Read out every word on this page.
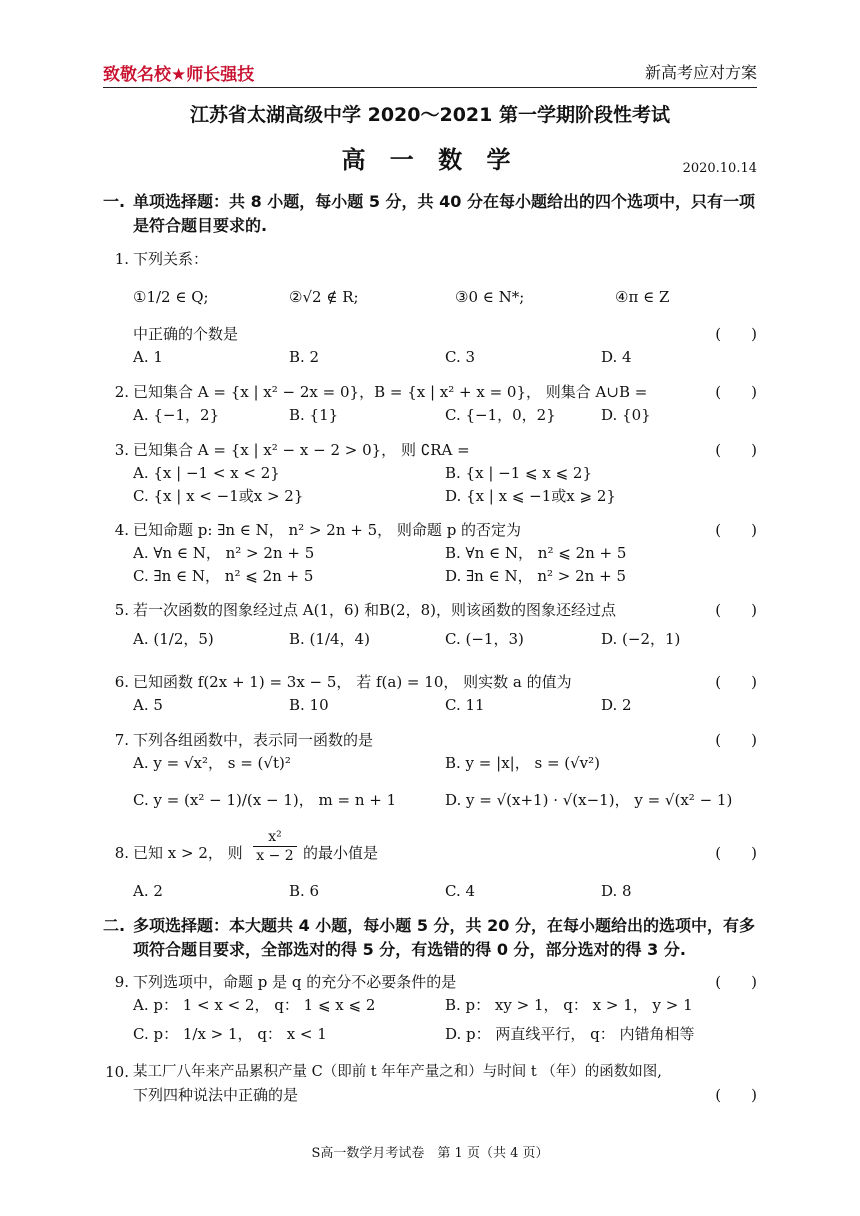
致敬名校★师长强技	新高考应对方案
江苏省太湖高级中学 2020～2021 第一学期阶段性考试
高 一 数 学	2020.10.14
一. 单项选择题：共 8 小题，每小题 5 分，共 40 分在每小题给出的四个选项中，只有一项是符合题目要求的.
1. 下列关系：
①1/2 ∈ Q;	②√2 ∉ R;	③0 ∈ N*;	④π ∈ Z
中正确的个数是	(　　)
A. 1	B. 2	C. 3	D. 4
2. 已知集合 A = {x | x² − 2x = 0}，B = {x | x² + x = 0}， 则集合 A∪B =	(　　)
A. {−1，2}	B. {1}	C. {−1，0，2}	D. {0}
3. 已知集合 A = {x | x² − x − 2 > 0}， 则 ∁RA =	(　　)
A. {x | −1 < x < 2}	B. {x | −1 ⩽ x ⩽ 2}
C. {x | x < −1或x > 2}	D. {x | x ⩽ −1或x ⩾ 2}
4. 已知命题 p: ∃n ∈ N， n² > 2n + 5， 则命题 p 的否定为	(　　)
A. ∀n ∈ N， n² > 2n + 5	B. ∀n ∈ N， n² ⩽ 2n + 5
C. ∃n ∈ N， n² ⩽ 2n + 5	D. ∃n ∈ N， n² > 2n + 5
5. 若一次函数的图象经过点 A(1，6) 和B(2，8)，则该函数的图象还经过点	(　　)
A. (1/2，5)	B. (1/4，4)	C. (−1，3)	D. (−2，1)
6. 已知函数 f(2x + 1) = 3x − 5， 若 f(a) = 10， 则实数 a 的值为	(　　)
A. 5	B. 10	C. 11	D. 2
7. 下列各组函数中，表示同一函数的是	(　　)
A. y = √x²， s = (√t)²	B. y = |x|， s = (√v²)
C. y = (x² − 1)/(x − 1)， m = n + 1	D. y = √(x+1) · √(x−1)， y = √(x² − 1)
8. 已知 x > 2， 则 $\frac{\text{x²}}{x - 2}$ 的最小值是	(　　)
A. 2	B. 6	C. 4	D. 8
二. 多项选择题：本大题共 4 小题，每小题 5 分，共 20 分，在每小题给出的选项中，有多项符合题目要求，全部选对的得 5 分，有选错的得 0 分，部分选对的得 3 分.
9. 下列选项中，命题 p 是 q 的充分不必要条件的是	(　　)
A. p： 1 < x < 2， q： 1 ⩽ x ⩽ 2	B. p： xy > 1， q： x > 1， y > 1
C. p： 1/x > 1， q： x < 1	D. p： 两直线平行， q： 内错角相等
10. 某工厂八年来产品累积产量 C（即前 t 年年产量之和）与时间 t （年）的函数如图,
下列四种说法中正确的是	(　　)
S高一数学月考试卷　第 1 页（共 4 页）
